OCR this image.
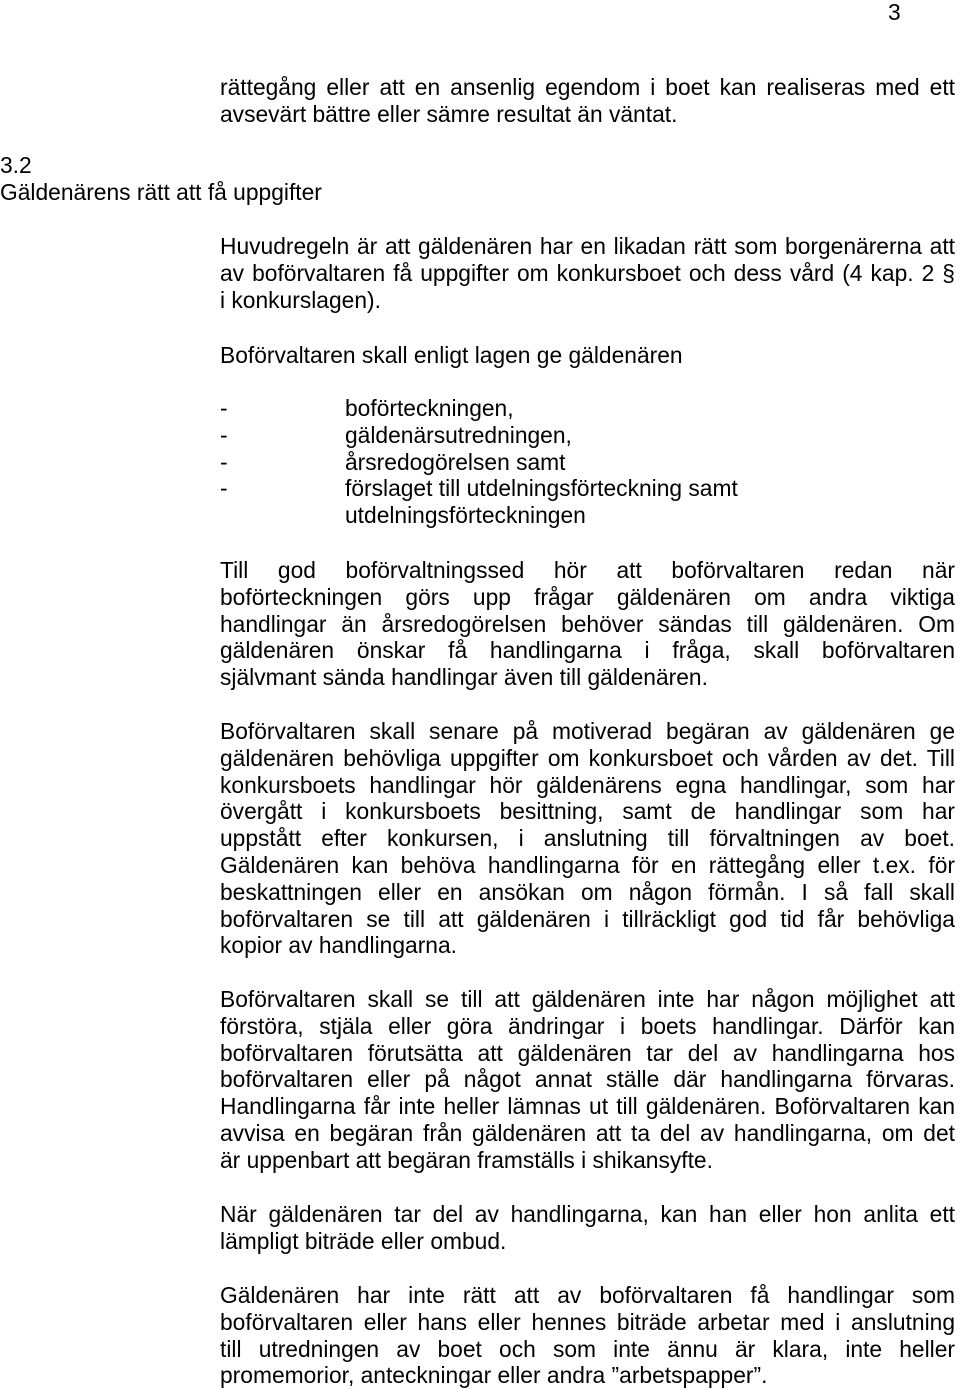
3
rättegång eller att en ansenlig egendom i boet kan realiseras med ett
avsevärt bättre eller sämre resultat än väntat.
3.2
Gäldenärens rätt att få uppgifter
Huvudregeln är att gäldenären har en likadan rätt som borgenärerna att
av boförvaltaren få uppgifter om konkursboet och dess vård (4 kap. 2 §
i konkurslagen).
Boförvaltaren skall enligt lagen ge gäldenären
-	boförteckningen,
-	gäldenärsutredningen,
-	årsredogörelsen samt
-	förslaget till utdelningsförteckning samt
utdelningsförteckningen
Till god boförvaltningssed hör att boförvaltaren redan när
boförteckningen görs upp frågar gäldenären om andra viktiga
handlingar än årsredogörelsen behöver sändas till gäldenären. Om
gäldenären önskar få handlingarna i fråga, skall boförvaltaren
självmant sända handlingar även till gäldenären.
Boförvaltaren skall senare på motiverad begäran av gäldenären ge
gäldenären behövliga uppgifter om konkursboet och vården av det. Till
konkursboets handlingar hör gäldenärens egna handlingar, som har
övergått i konkursboets besittning, samt de handlingar som har
uppstått efter konkursen, i anslutning till förvaltningen av boet.
Gäldenären kan behöva handlingarna för en rättegång eller t.ex. för
beskattningen eller en ansökan om någon förmån. I så fall skall
boförvaltaren se till att gäldenären i tillräckligt god tid får behövliga
kopior av handlingarna.
Boförvaltaren skall se till att gäldenären inte har någon möjlighet att
förstöra, stjäla eller göra ändringar i boets handlingar. Därför kan
boförvaltaren förutsätta att gäldenären tar del av handlingarna hos
boförvaltaren eller på något annat ställe där handlingarna förvaras.
Handlingarna får inte heller lämnas ut till gäldenären. Boförvaltaren kan
avvisa en begäran från gäldenären att ta del av handlingarna, om det
är uppenbart att begäran framställs i shikansyfte.
När gäldenären tar del av handlingarna, kan han eller hon anlita ett
lämpligt biträde eller ombud.
Gäldenären har inte rätt att av boförvaltaren få handlingar som
boförvaltaren eller hans eller hennes biträde arbetar med i anslutning
till utredningen av boet och som inte ännu är klara, inte heller
promemorior, anteckningar eller andra ”arbetspapper”.
